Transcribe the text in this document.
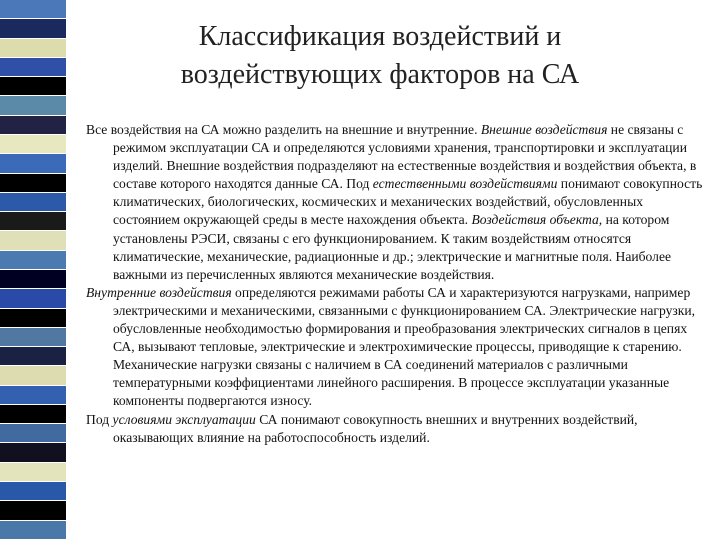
Классификация воздействий и
воздействующих факторов на СА

Все воздействия на СА можно разделить на внешние и внутренние. Внешние воздействия не связаны с режимом эксплуатации СА и определяются условиями хранения, транспортировки и эксплуатации изделий. Внешние воздействия подразделяют на естественные воздействия и воздействия объекта, в составе которого находятся данные СА. Под естественными воздействиями понимают совокупность климатических, биологических, космических и механических воздействий, обусловленных состоянием окружающей среды в месте нахождения объекта. Воздействия объекта, на котором установлены РЭСИ, связаны с его функционированием. К таким воздействиям относятся климатические, механические, радиационные и др.; электрические и магнитные поля. Наиболее важными из перечисленных являются механические воздействия.

Внутренние воздействия определяются режимами работы СА и характеризуются нагрузками, например электрическими и механическими, связанными с функционированием СА. Электрические нагрузки, обусловленные необходимостью формирования и преобразования электрических сигналов в цепях СА, вызывают тепловые, электрические и электрохимические процессы, приводящие к старению. Механические нагрузки связаны с наличием в СА соединений материалов с различными температурными коэффициентами линейного расширения. В процессе эксплуатации указанные компоненты подвергаются износу.

Под условиями эксплуатации СА понимают совокупность внешних и внутренних воздействий, оказывающих влияние на работоспособность изделий.
